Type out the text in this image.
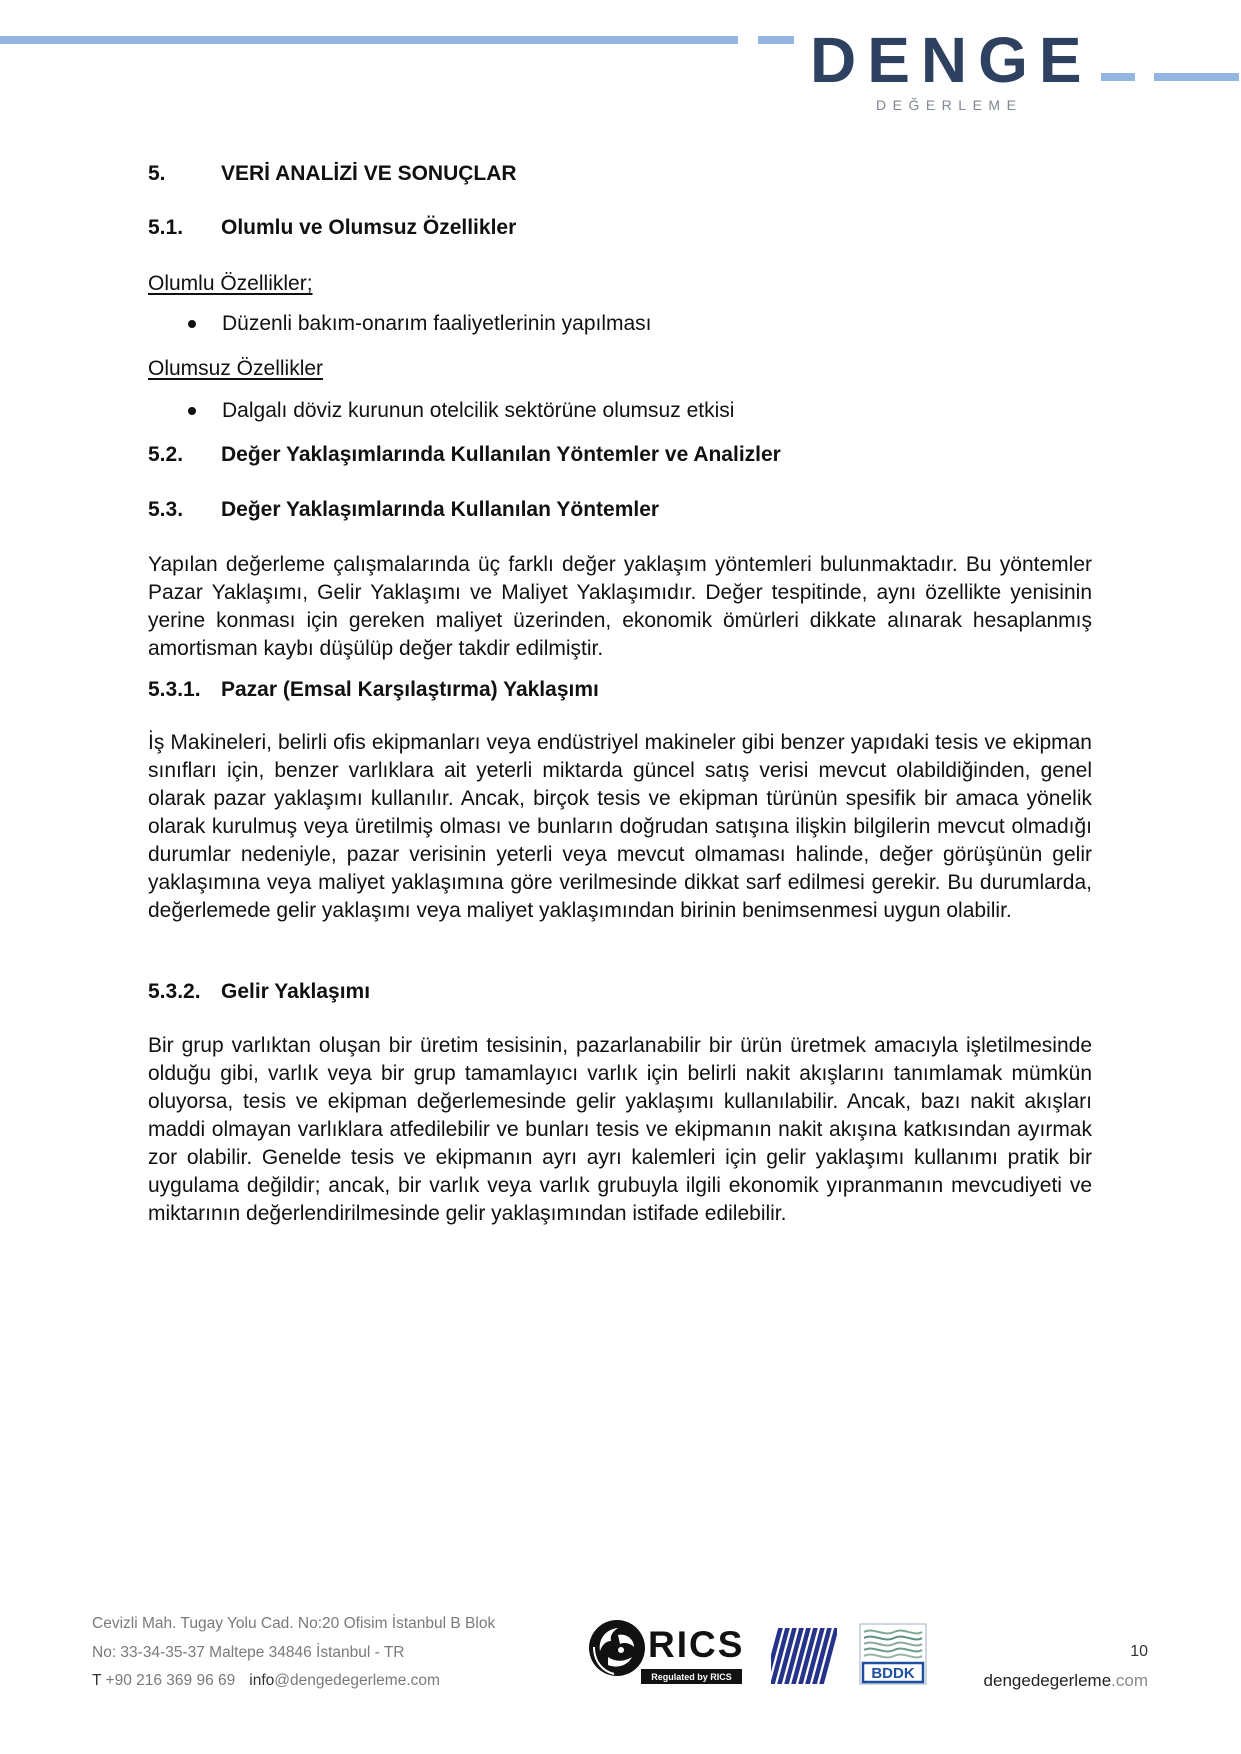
DENGE
DEĞERLEME
5.	VERİ ANALİZİ VE SONUÇLAR
5.1.	Olumlu ve Olumsuz Özellikler
Olumlu Özellikler;
Düzenli bakım-onarım faaliyetlerinin yapılması
Olumsuz Özellikler
Dalgalı döviz kurunun otelcilik sektörüne olumsuz etkisi
5.2.	Değer Yaklaşımlarında Kullanılan Yöntemler ve Analizler
5.3.	Değer Yaklaşımlarında Kullanılan Yöntemler

Yapılan değerleme çalışmalarında üç farklı değer yaklaşım yöntemleri bulunmaktadır. Bu yöntemler Pazar Yaklaşımı, Gelir Yaklaşımı ve Maliyet Yaklaşımıdır. Değer tespitinde, aynı özellikte yenisinin yerine konması için gereken maliyet üzerinden, ekonomik ömürleri dikkate alınarak hesaplanmış amortisman kaybı düşülüp değer takdir edilmiştir.

5.3.1. Pazar (Emsal Karşılaştırma) Yaklaşımı

İş Makineleri, belirli ofis ekipmanları veya endüstriyel makineler gibi benzer yapıdaki tesis ve ekipman sınıfları için, benzer varlıklara ait yeterli miktarda güncel satış verisi mevcut olabildiğinden, genel olarak pazar yaklaşımı kullanılır. Ancak, birçok tesis ve ekipman türünün spesifik bir amaca yönelik olarak kurulmuş veya üretilmiş olması ve bunların doğrudan satışına ilişkin bilgilerin mevcut olmadığı durumlar nedeniyle, pazar verisinin yeterli veya mevcut olmaması halinde, değer görüşünün gelir yaklaşımına veya maliyet yaklaşımına göre verilmesinde dikkat sarf edilmesi gerekir. Bu durumlarda, değerlemede gelir yaklaşımı veya maliyet yaklaşımından birinin benimsenmesi uygun olabilir.

5.3.2. Gelir Yaklaşımı

Bir grup varlıktan oluşan bir üretim tesisinin, pazarlanabilir bir ürün üretmek amacıyla işletilmesinde olduğu gibi, varlık veya bir grup tamamlayıcı varlık için belirli nakit akışlarını tanımlamak mümkün oluyorsa, tesis ve ekipman değerlemesinde gelir yaklaşımı kullanılabilir. Ancak, bazı nakit akışları maddi olmayan varlıklara atfedilebilir ve bunları tesis ve ekipmanın nakit akışına katkısından ayırmak zor olabilir. Genelde tesis ve ekipmanın ayrı ayrı kalemleri için gelir yaklaşımı kullanımı pratik bir uygulama değildir; ancak, bir varlık veya varlık grubuyla ilgili ekonomik yıpranmanın mevcudiyeti ve miktarının değerlendirilmesinde gelir yaklaşımından istifade edilebilir.

Cevizli Mah. Tugay Yolu Cad. No:20 Ofisim İstanbul B Blok
No: 33-34-35-37 Maltepe 34846 İstanbul - TR
T +90 216 369 96 69 info@dengedegerleme.com
RICS
Regulated by RICS	BDDK
10
dengedegerleme.com
